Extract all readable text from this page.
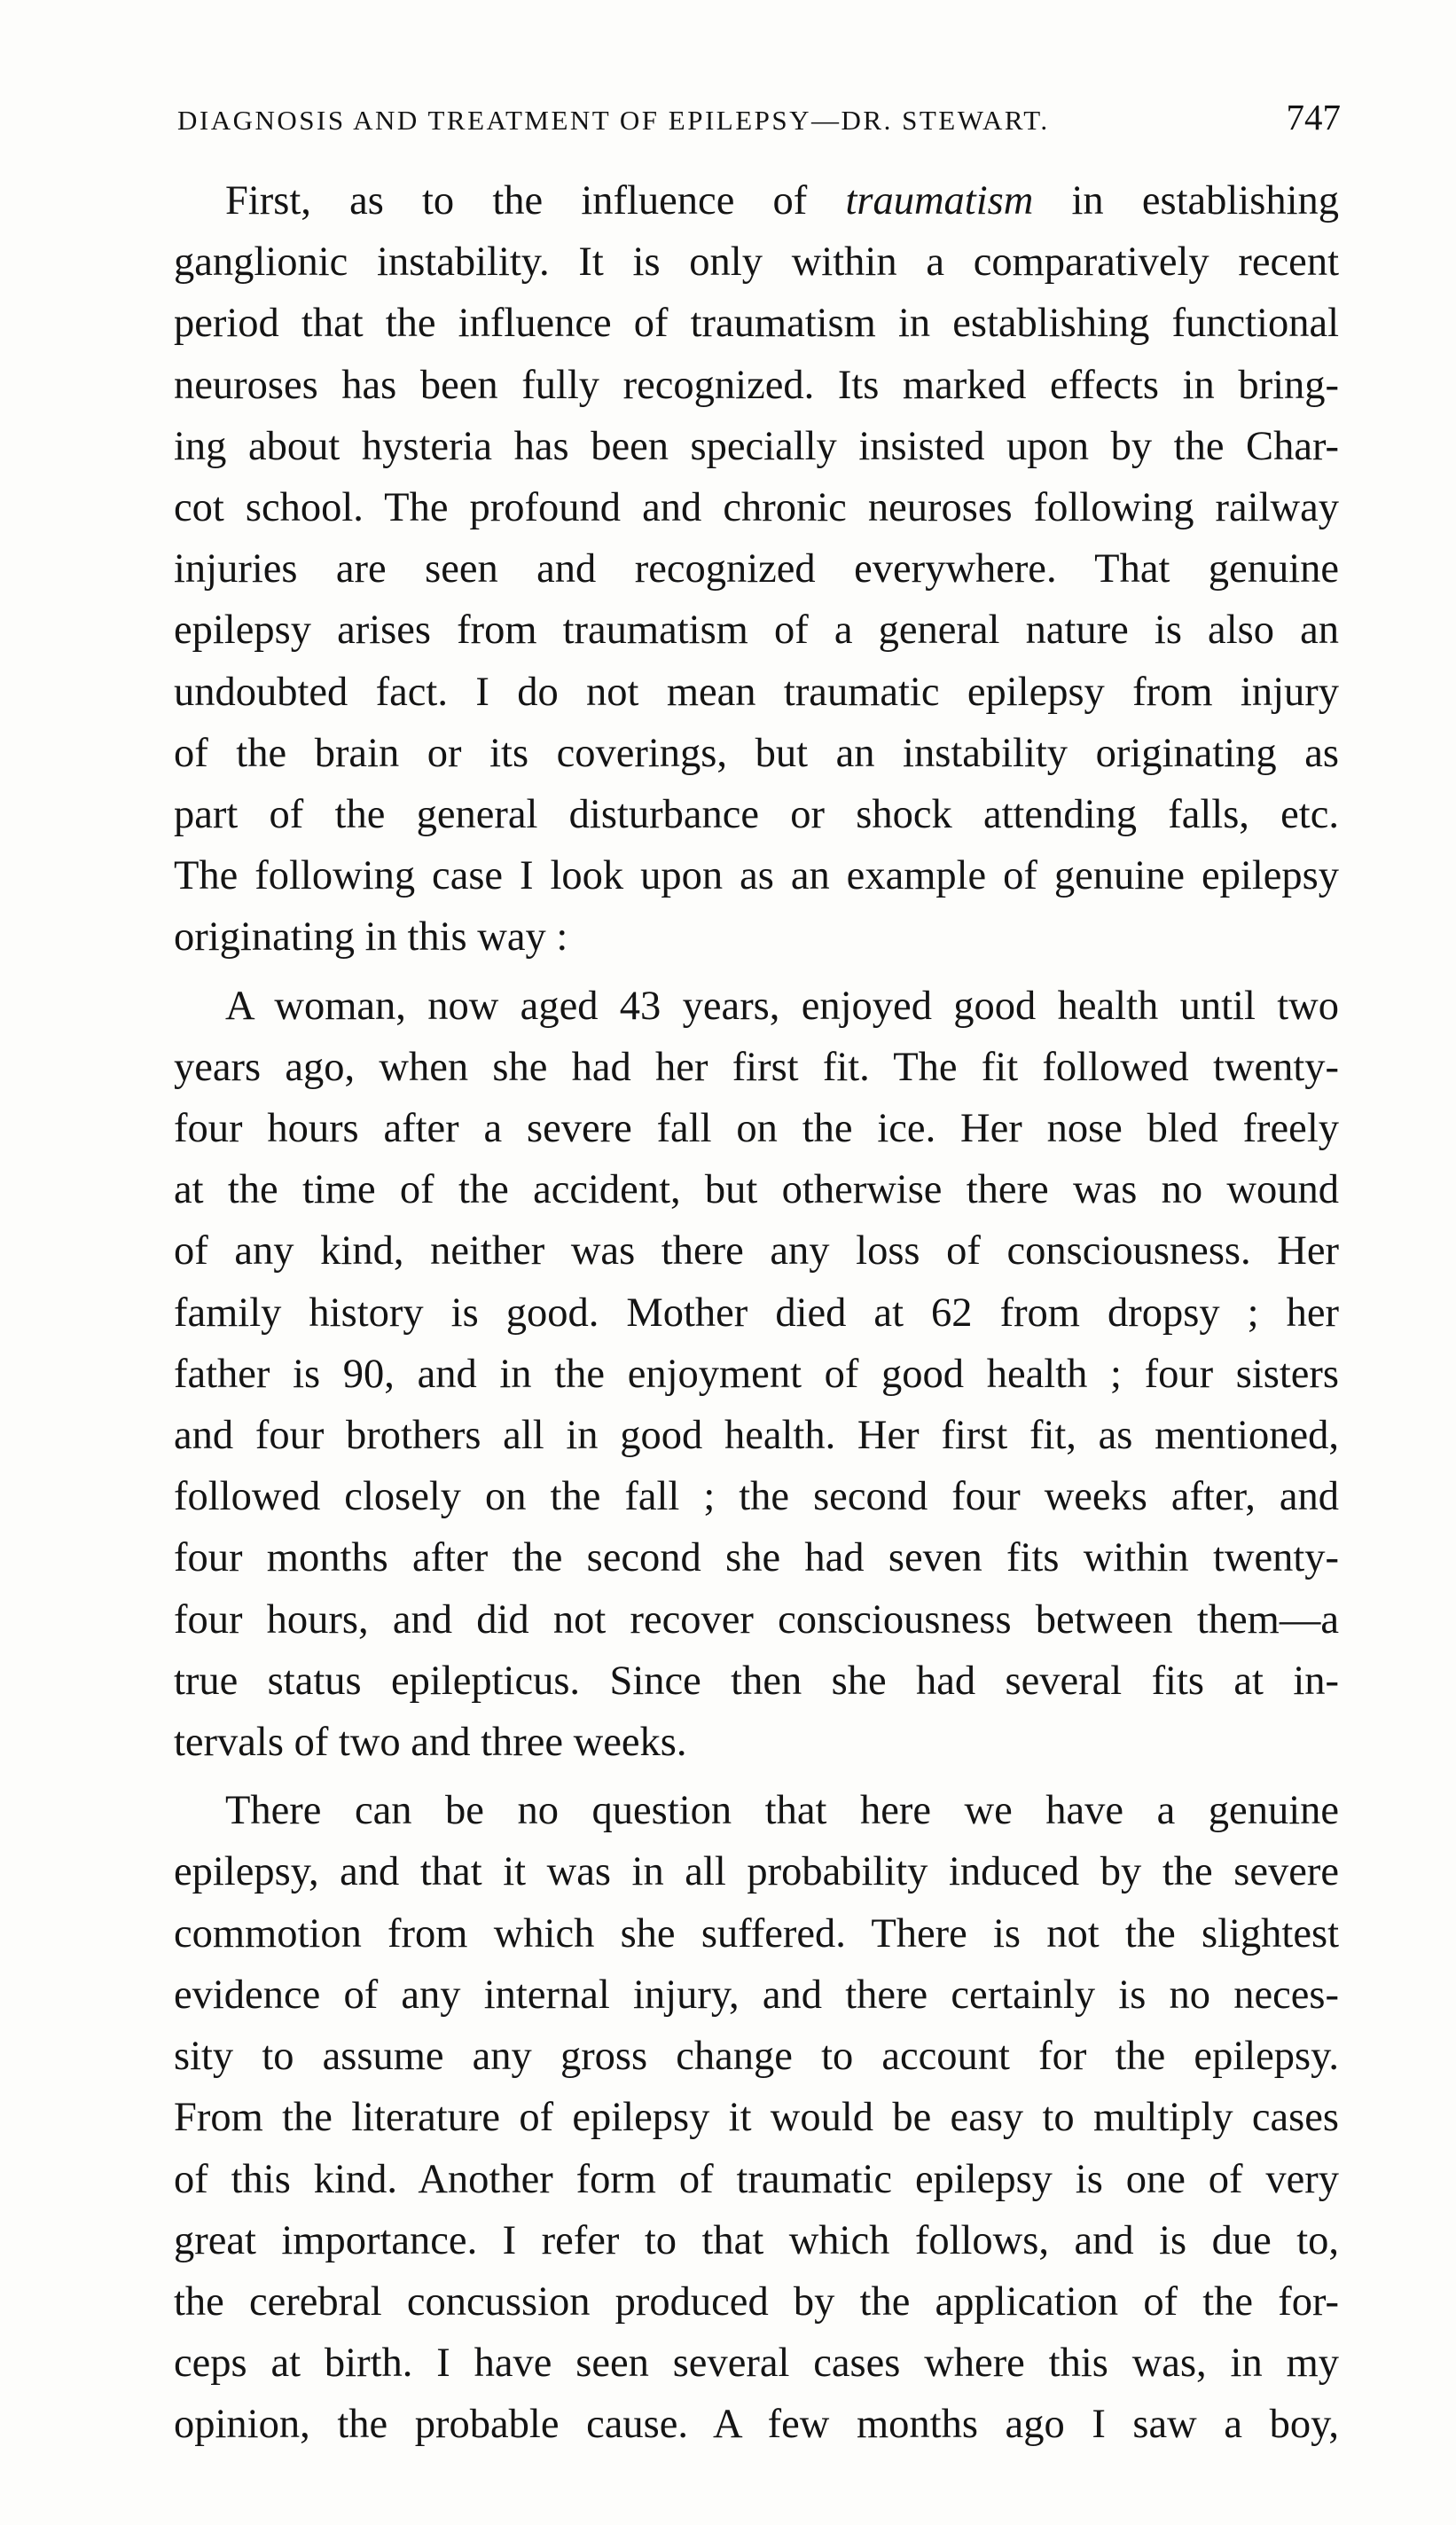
DIAGNOSIS AND TREATMENT OF EPILEPSY—DR. STEWART.	747

First, as to the influence of traumatism in establishing
ganglionic instability. It is only within a comparatively recent
period that the influence of traumatism in establishing functional
neuroses has been fully recognized. Its marked effects in bring-
ing about hysteria has been specially insisted upon by the Char-
cot school. The profound and chronic neuroses following railway
injuries are seen and recognized everywhere. That genuine
epilepsy arises from traumatism of a general nature is also an
undoubted fact. I do not mean traumatic epilepsy from injury
of the brain or its coverings, but an instability originating as
part of the general disturbance or shock attending falls, etc.
The following case I look upon as an example of genuine epilepsy
originating in this way :

A woman, now aged 43 years, enjoyed good health until two
years ago, when she had her first fit. The fit followed twenty-
four hours after a severe fall on the ice. Her nose bled freely
at the time of the accident, but otherwise there was no wound
of any kind, neither was there any loss of consciousness. Her
family history is good. Mother died at 62 from dropsy ; her
father is 90, and in the enjoyment of good health ; four sisters
and four brothers all in good health. Her first fit, as mentioned,
followed closely on the fall ; the second four weeks after, and
four months after the second she had seven fits within twenty-
four hours, and did not recover consciousness between them—a
true status epilepticus. Since then she had several fits at in-
tervals of two and three weeks.

There can be no question that here we have a genuine
epilepsy, and that it was in all probability induced by the severe
commotion from which she suffered. There is not the slightest
evidence of any internal injury, and there certainly is no neces-
sity to assume any gross change to account for the epilepsy.
From the literature of epilepsy it would be easy to multiply cases
of this kind. Another form of traumatic epilepsy is one of very
great importance. I refer to that which follows, and is due to,
the cerebral concussion produced by the application of the for-
ceps at birth. I have seen several cases where this was, in my
opinion, the probable cause. A few months ago I saw a boy,
